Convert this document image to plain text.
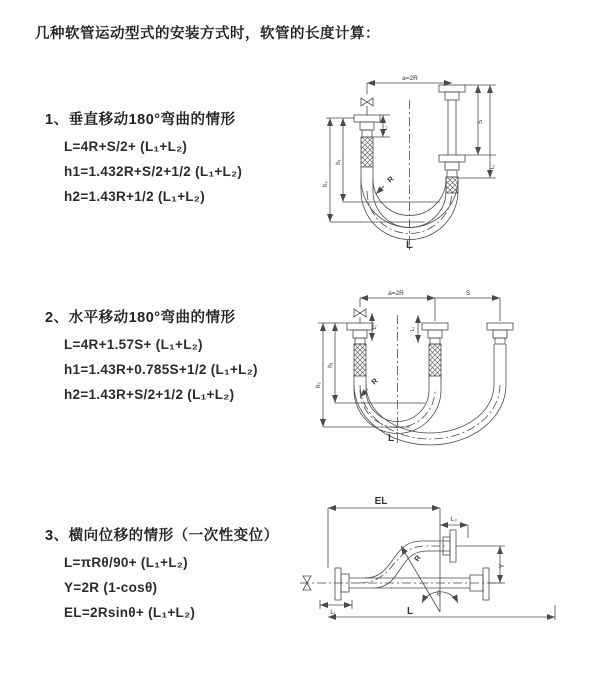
几种软管运动型式的安装方式时，软管的长度计算：
1、垂直移动180°弯曲的情形
L=4R+S/2+ (L₁+L₂)
h1=1.432R+S/2+1/2 (L₁+L₂)
h2=1.43R+1/2 (L₁+L₂)
2、水平移动180°弯曲的情形
L=4R+1.57S+ (L₁+L₂)
h1=1.43R+0.785S+1/2 (L₁+L₂)
h2=1.43R+S/2+1/2 (L₁+L₂)
3、横向位移的情形（一次性变位）
L=πRθ/90+ (L₁+L₂)
Y=2R (1-cosθ)
EL=2Rsinθ+ (L₁+L₂)
a=2R
L₁
h₁
h₂
S
L₁
R
L
a=2R	S
L₁	L₁
h₁
h₂	R
L
EL
L₂
Y
L₁	L
R
θ
